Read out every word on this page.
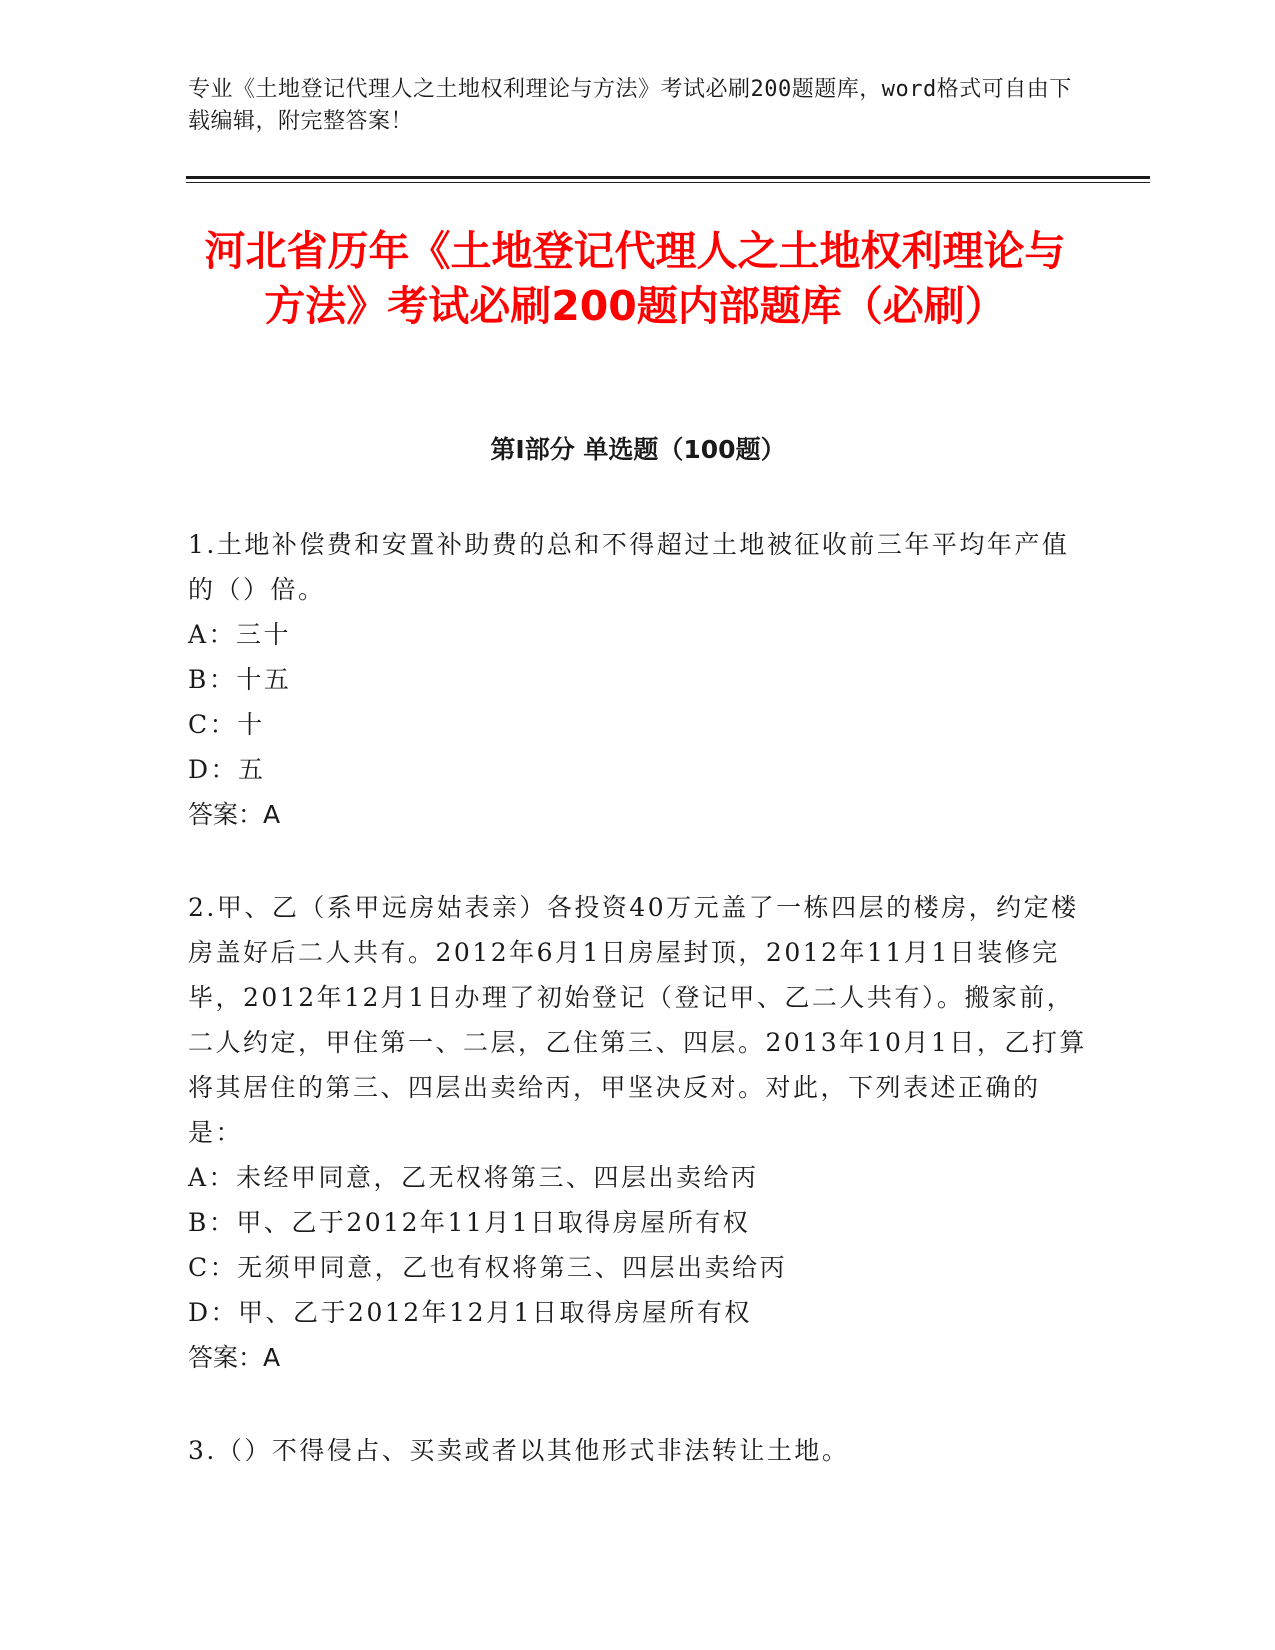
专业《土地登记代理人之土地权利理论与方法》考试必刷200题题库，word格式可自由下载编辑，附完整答案！
河北省历年《土地登记代理人之土地权利理论与方法》考试必刷200题内部题库（必刷）
第I部分 单选题（100题）

1.土地补偿费和安置补助费的总和不得超过土地被征收前三年平均年产值的（）倍。

A：三十

B：十五

C：十

D：五

答案：A

2.甲、乙（系甲远房姑表亲）各投资40万元盖了一栋四层的楼房，约定楼房盖好后二人共有。2012年6月1日房屋封顶，2012年11月1日装修完毕，2012年12月1日办理了初始登记（登记甲、乙二人共有）。搬家前，二人约定，甲住第一、二层，乙住第三、四层。2013年10月1日，乙打算将其居住的第三、四层出卖给丙，甲坚决反对。对此，下列表述正确的是：

A：未经甲同意，乙无权将第三、四层出卖给丙

B：甲、乙于2012年11月1日取得房屋所有权

C：无须甲同意，乙也有权将第三、四层出卖给丙

D：甲、乙于2012年12月1日取得房屋所有权

答案：A

3.（）不得侵占、买卖或者以其他形式非法转让土地。
